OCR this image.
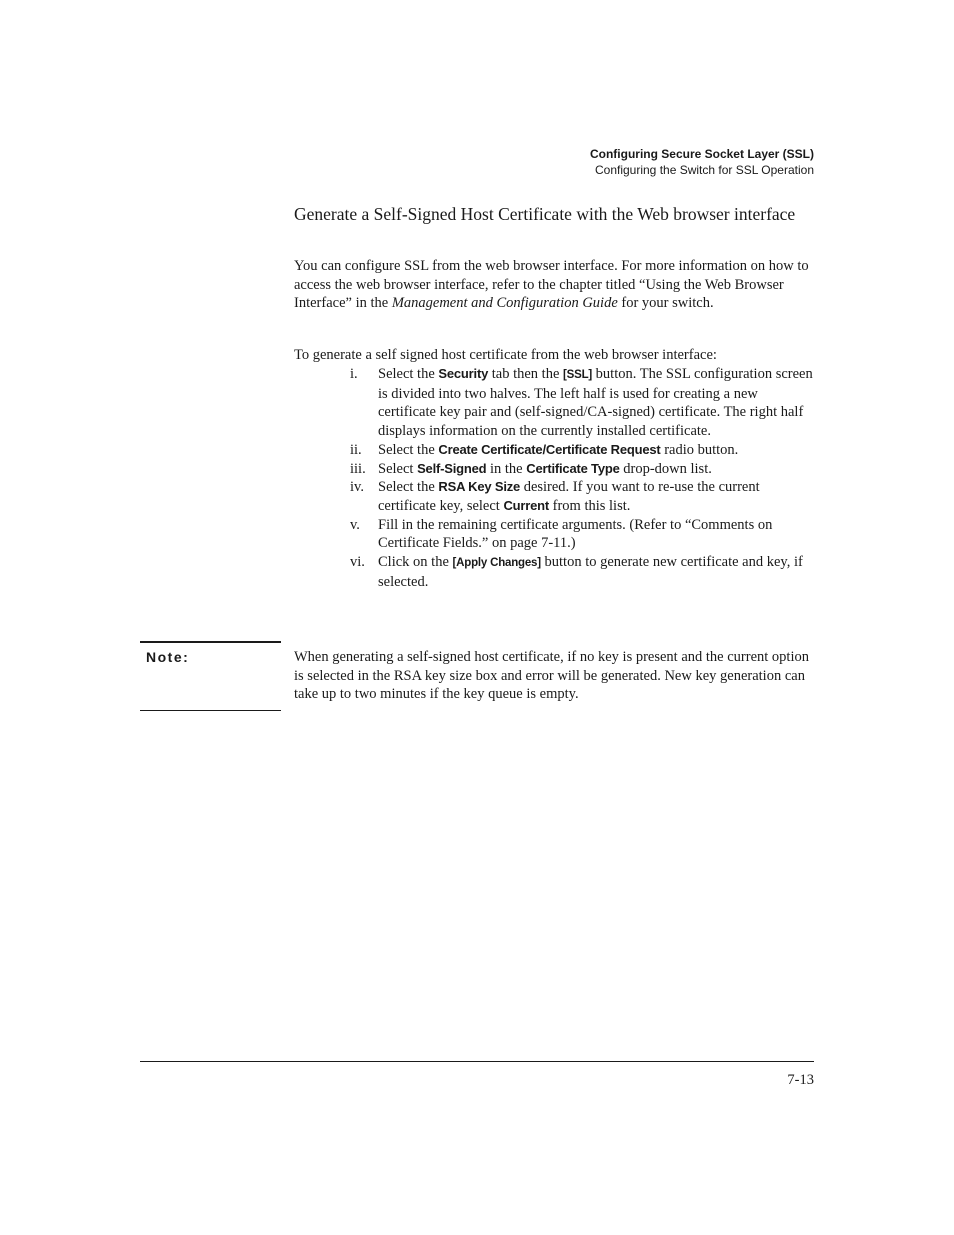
Configuring Secure Socket Layer (SSL)
Configuring the Switch for SSL Operation
Generate a Self-Signed Host Certificate with the Web browser interface

You can configure SSL from the web browser interface. For more information on how to access the web browser interface, refer to the chapter titled “Using the Web Browser Interface” in the Management and Configuration Guide for your switch.

To generate a self signed host certificate from the web browser interface:

i. Select the Security tab then the [SSL] button. The SSL configuration screen is divided into two halves. The left half is used for creating a new certificate key pair and (self-signed/CA-signed) certificate. The right half displays information on the currently installed certificate.
ii. Select the Create Certificate/Certificate Request radio button.
iii. Select Self-Signed in the Certificate Type drop-down list.
iv. Select the RSA Key Size desired. If you want to re-use the current certificate key, select Current from this list.
v. Fill in the remaining certificate arguments. (Refer to “Comments on Certificate Fields.” on page 7-11.)
vi. Click on the [Apply Changes] button to generate new certificate and key, if selected.
Note:	When generating a self-signed host certificate, if no key is present and the current option is selected in the RSA key size box and error will be generated. New key generation can take up to two minutes if the key queue is empty.

7-13
